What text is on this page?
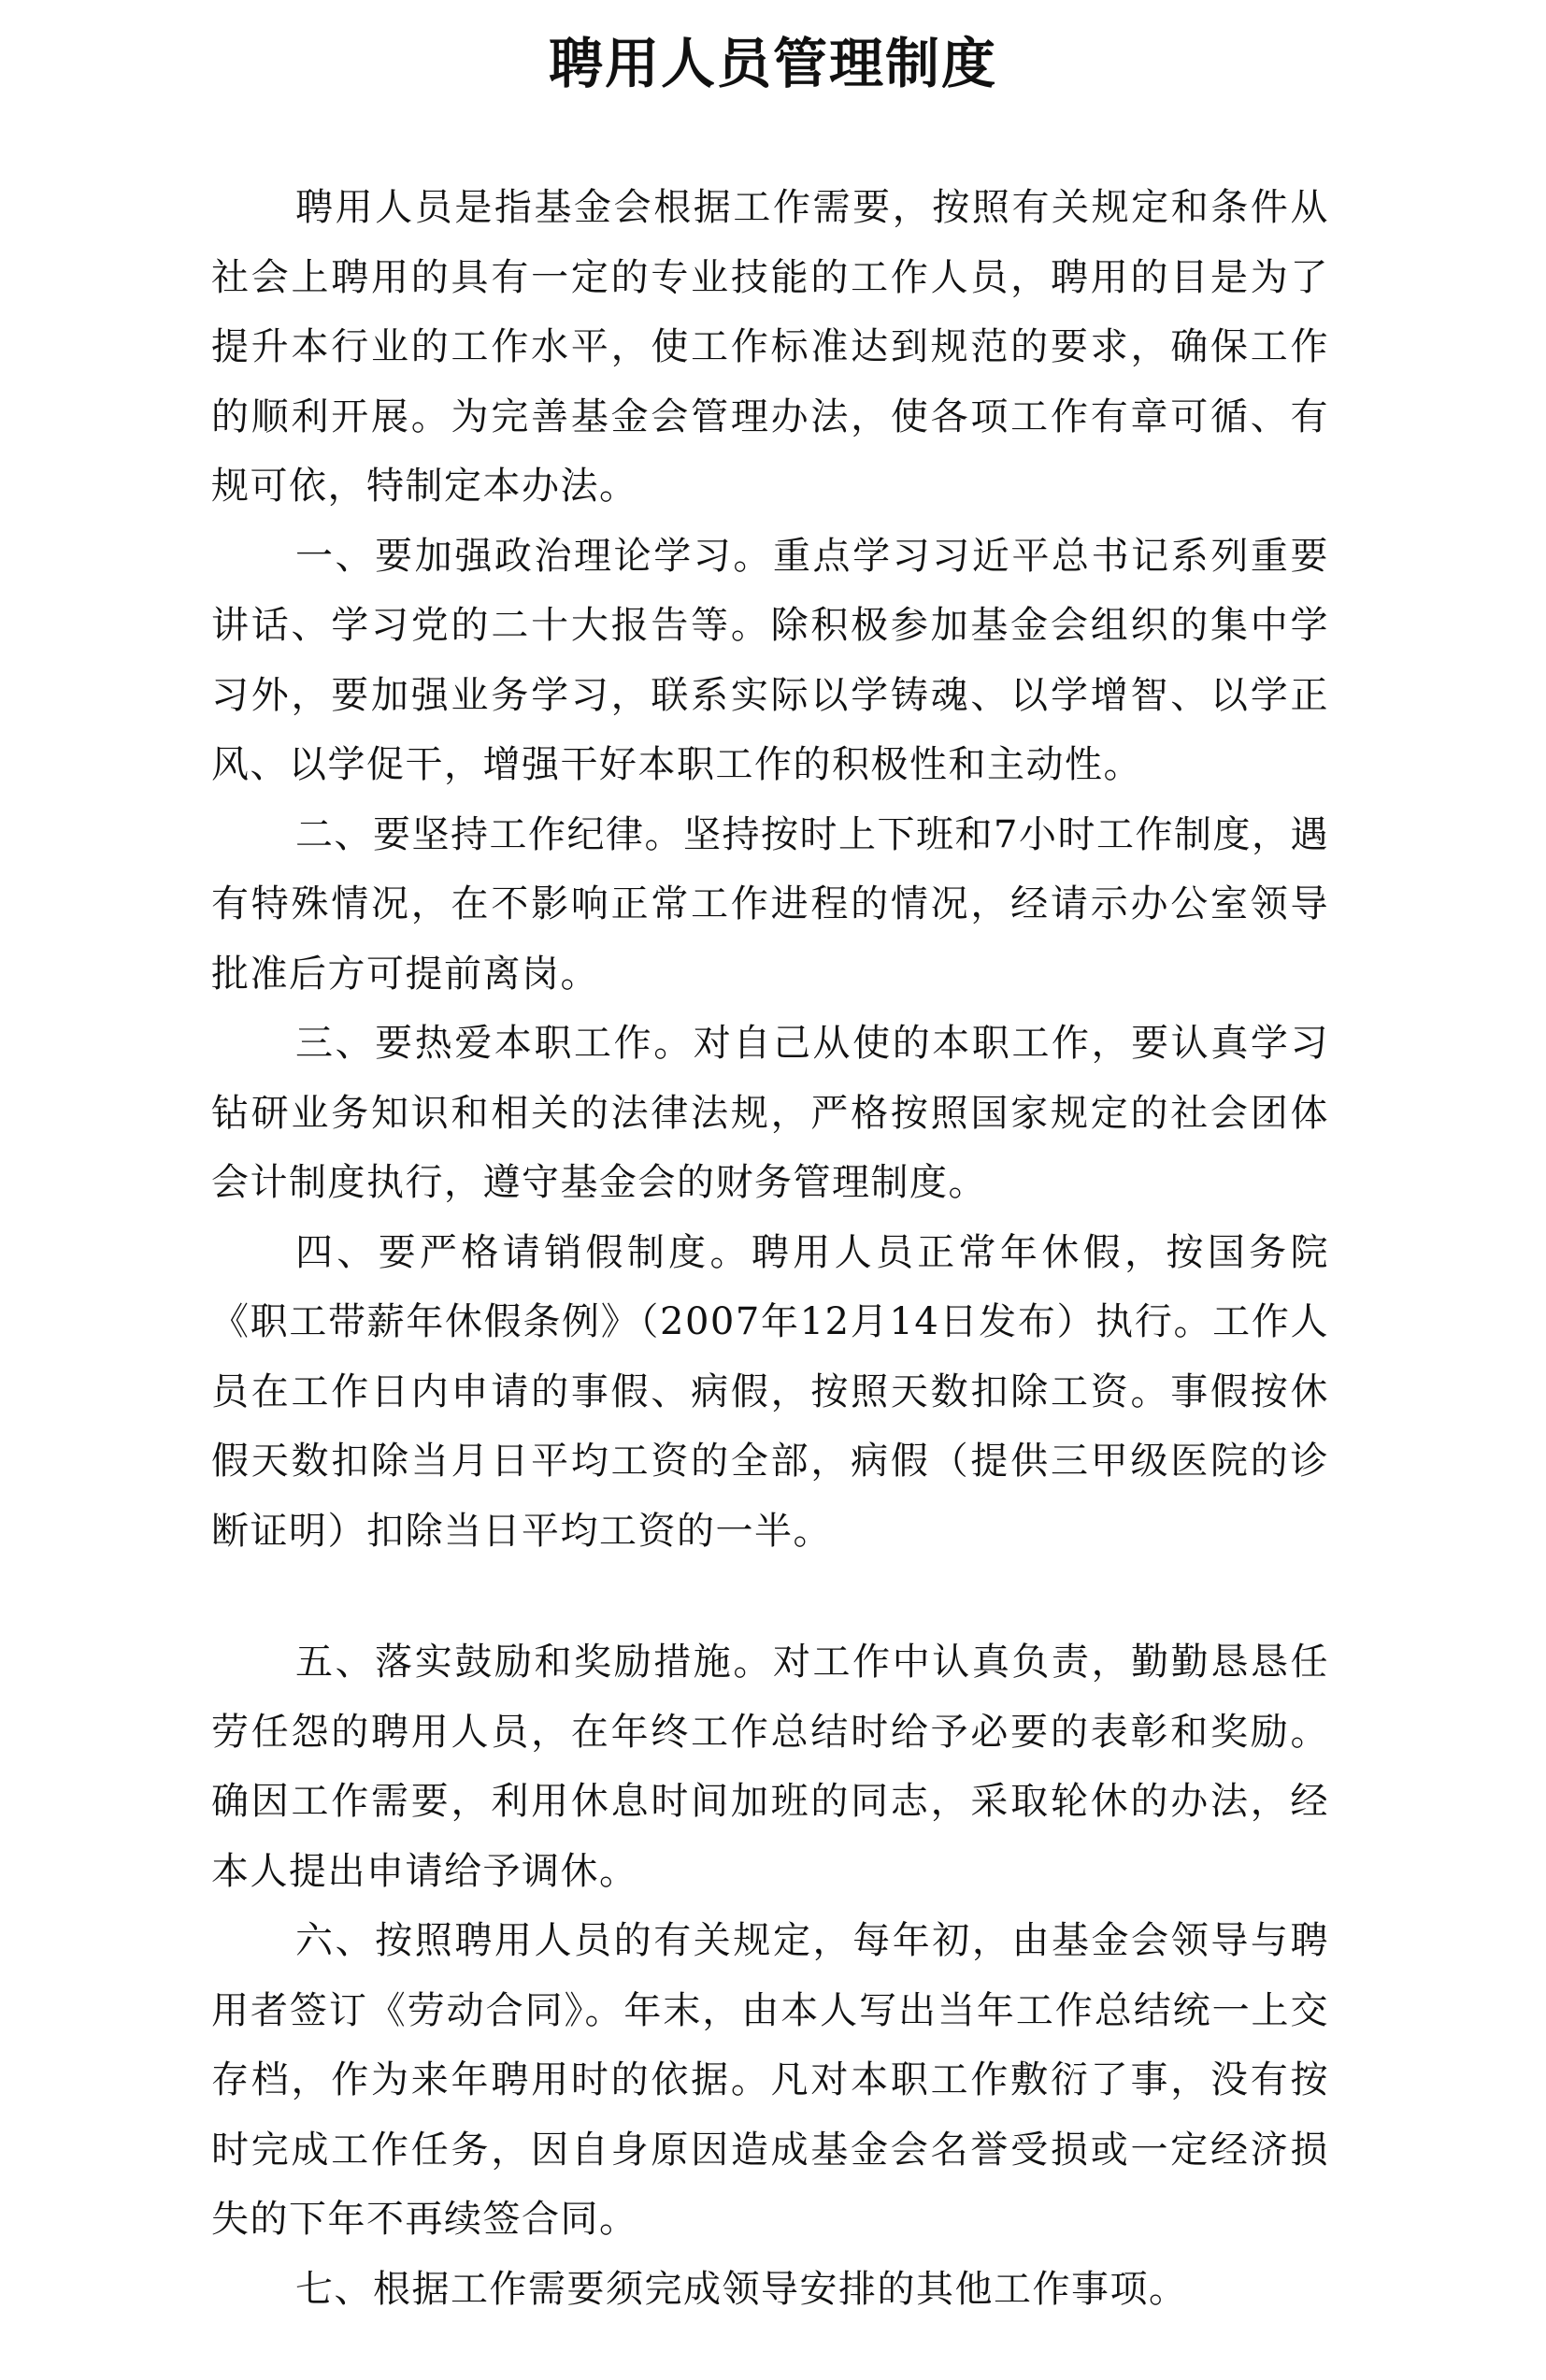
聘用人员管理制度

聘用人员是指基金会根据工作需要，按照有关规定和条件从社会上聘用的具有一定的专业技能的工作人员，聘用的目是为了提升本行业的工作水平，使工作标准达到规范的要求，确保工作的顺利开展。为完善基金会管理办法，使各项工作有章可循、有规可依，特制定本办法。

一、要加强政治理论学习。重点学习习近平总书记系列重要讲话、学习党的二十大报告等。除积极参加基金会组织的集中学习外，要加强业务学习，联系实际以学铸魂、以学增智、以学正风、以学促干，增强干好本职工作的积极性和主动性。

二、要坚持工作纪律。坚持按时上下班和7小时工作制度，遇有特殊情况，在不影响正常工作进程的情况，经请示办公室领导批准后方可提前离岗。

三、要热爱本职工作。对自己从使的本职工作，要认真学习钻研业务知识和相关的法律法规，严格按照国家规定的社会团体会计制度执行，遵守基金会的财务管理制度。

四、要严格请销假制度。聘用人员正常年休假，按国务院《职工带薪年休假条例》（2007年12月14日发布）执行。工作人员在工作日内申请的事假、病假，按照天数扣除工资。事假按休假天数扣除当月日平均工资的全部，病假（提供三甲级医院的诊断证明）扣除当日平均工资的一半。

五、落实鼓励和奖励措施。对工作中认真负责，勤勤恳恳任劳任怨的聘用人员，在年终工作总结时给予必要的表彰和奖励。确因工作需要，利用休息时间加班的同志，采取轮休的办法，经本人提出申请给予调休。

六、按照聘用人员的有关规定，每年初，由基金会领导与聘用者签订《劳动合同》。年末，由本人写出当年工作总结统一上交存档，作为来年聘用时的依据。凡对本职工作敷衍了事，没有按时完成工作任务，因自身原因造成基金会名誉受损或一定经济损失的下年不再续签合同。

七、根据工作需要须完成领导安排的其他工作事项。
